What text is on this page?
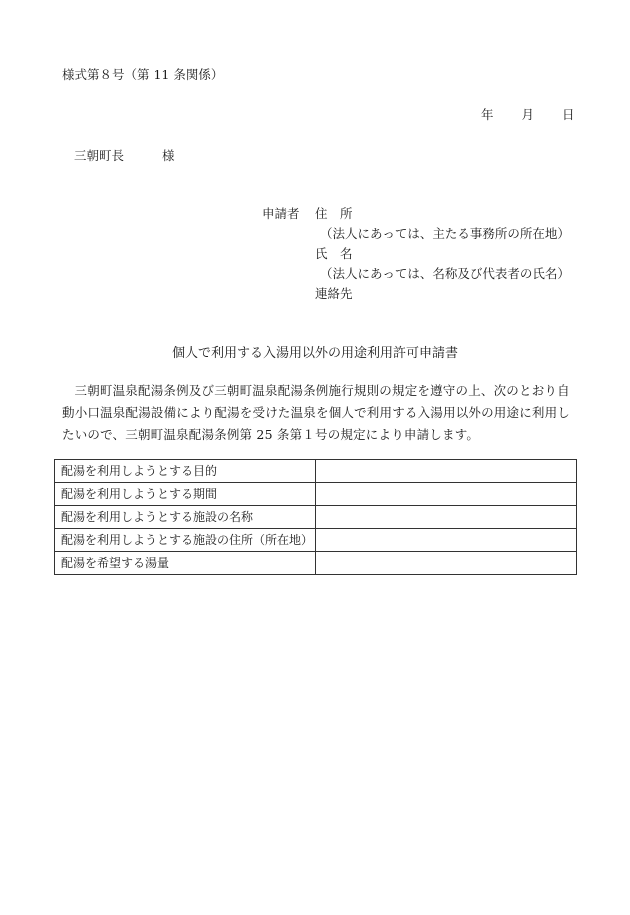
様式第８号（第 11 条関係）
年 月 日
三朝町長	様
申請者 住　所
（法人にあっては、主たる事務所の所在地）
氏　名
（法人にあっては、名称及び代表者の氏名）
連絡先
個人で利用する入湯用以外の用途利用許可申請書
三朝町温泉配湯条例及び三朝町温泉配湯条例施行規則の規定を遵守の上、次のとおり自動小口温泉配湯設備により配湯を受けた温泉を個人で利用する入湯用以外の用途に利用したいので、三朝町温泉配湯条例第 25 条第１号の規定により申請します。
配湯を利用しようとする目的	
配湯を利用しようとする期間	
配湯を利用しようとする施設の名称	
配湯を利用しようとする施設の住所（所在地）	
配湯を希望する湯量	
